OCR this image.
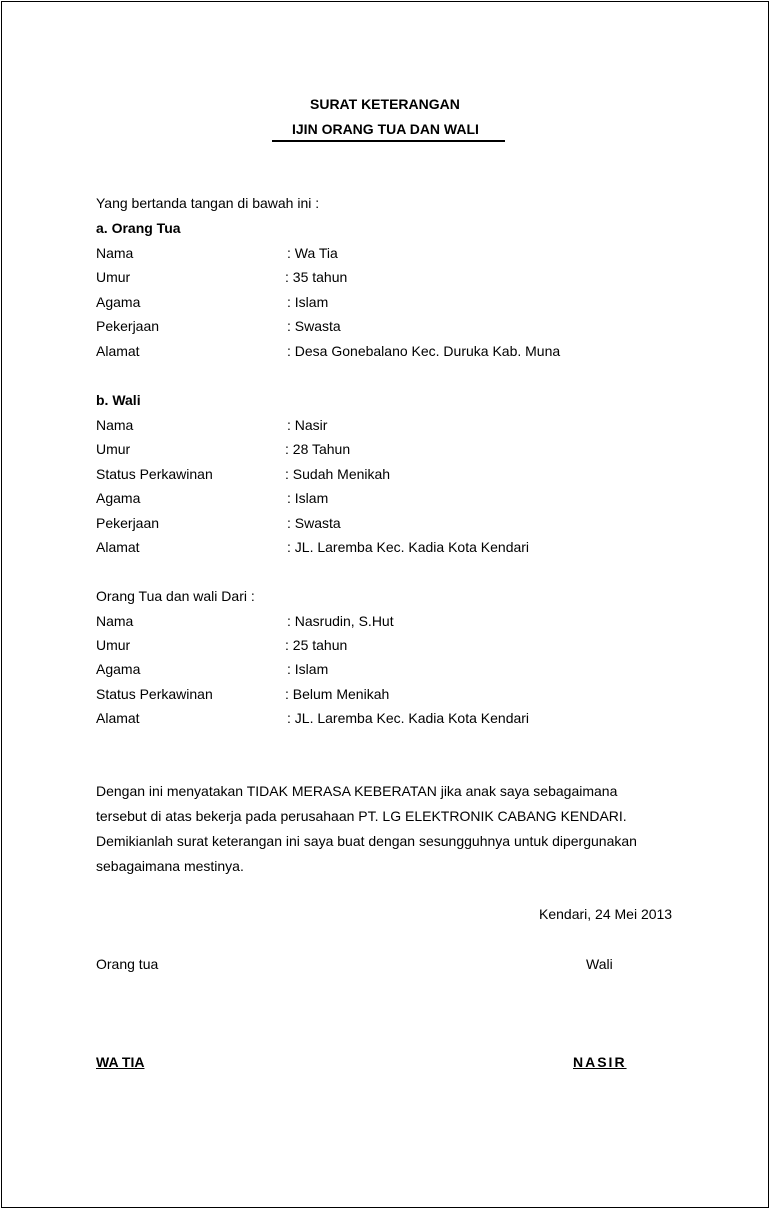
SURAT KETERANGAN
IJIN ORANG TUA DAN WALI
Yang bertanda tangan di bawah ini :
a. Orang Tua
Nama	: Wa Tia
Umur	: 35 tahun
Agama	: Islam
Pekerjaan	: Swasta
Alamat	: Desa Gonebalano Kec. Duruka Kab. Muna
b. Wali
Nama	: Nasir
Umur	: 28 Tahun
Status Perkawinan	: Sudah Menikah
Agama	: Islam
Pekerjaan	: Swasta
Alamat	: JL. Laremba Kec. Kadia Kota Kendari
Orang Tua dan wali Dari :
Nama	: Nasrudin, S.Hut
Umur	: 25 tahun
Agama	: Islam
Status Perkawinan	: Belum Menikah
Alamat	: JL. Laremba Kec. Kadia Kota Kendari
Dengan ini menyatakan TIDAK MERASA KEBERATAN jika anak saya sebagaimana
tersebut di atas bekerja pada perusahaan PT. LG ELEKTRONIK CABANG KENDARI.
Demikianlah surat keterangan ini saya buat dengan sesungguhnya untuk dipergunakan
sebagaimana mestinya.
Kendari, 24 Mei 2013
Orang tua	Wali
WA TIA	NASIR
